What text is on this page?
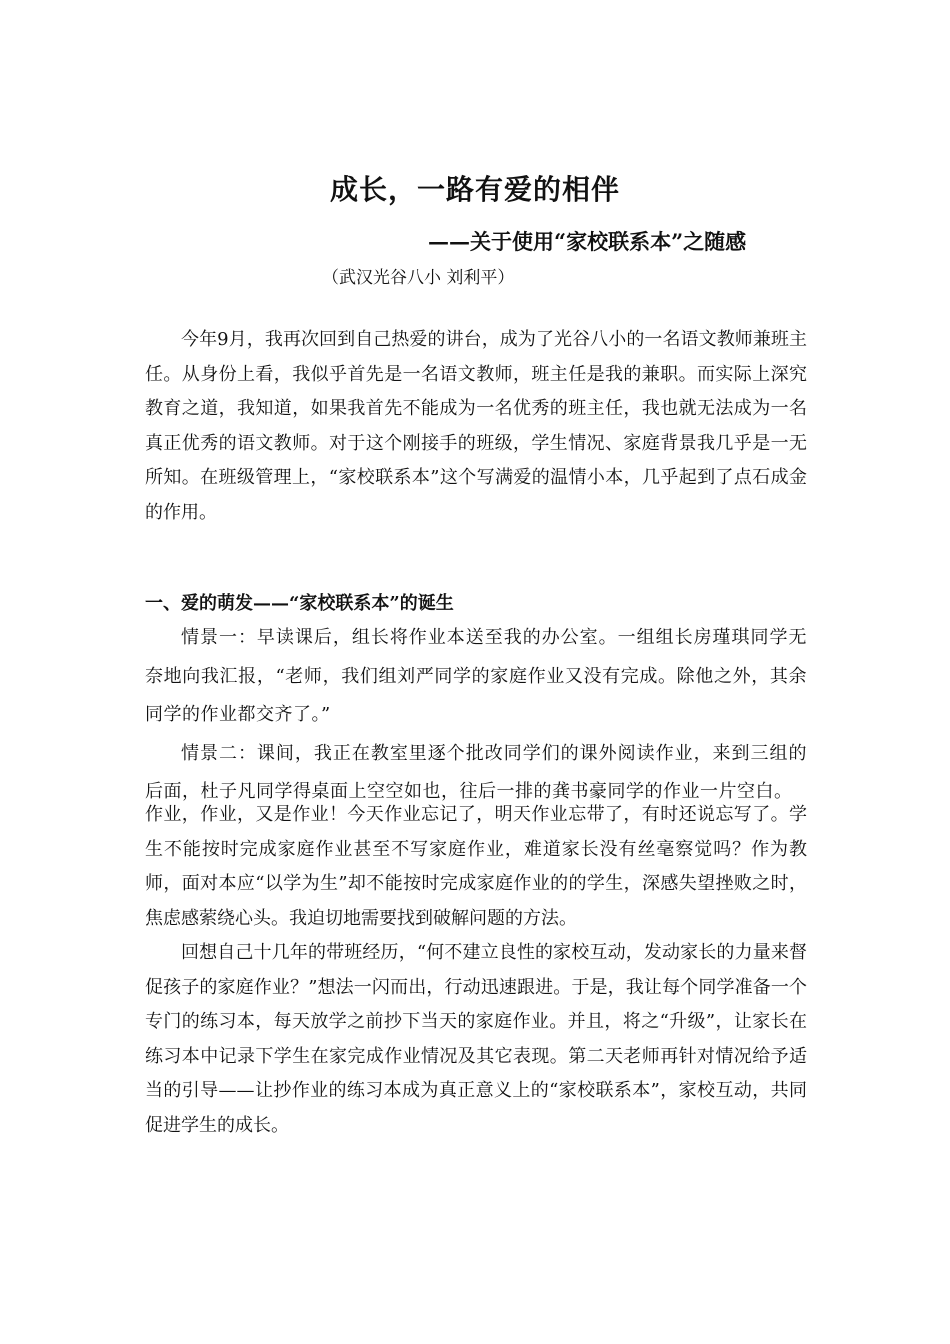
成长，一路有爱的相伴
——关于使用“家校联系本”之随感
（武汉光谷八小 刘利平）

今年9月，我再次回到自己热爱的讲台，成为了光谷八小的一名语文教师兼班主任。从身份上看，我似乎首先是一名语文教师，班主任是我的兼职。而实际上深究教育之道，我知道，如果我首先不能成为一名优秀的班主任，我也就无法成为一名真正优秀的语文教师。对于这个刚接手的班级，学生情况、家庭背景我几乎是一无所知。在班级管理上，“家校联系本”这个写满爱的温情小本，几乎起到了点石成金的作用。

一、爱的萌发——“家校联系本”的诞生

情景一：早读课后，组长将作业本送至我的办公室。一组组长房瑾琪同学无奈地向我汇报，“老师，我们组刘严同学的家庭作业又没有完成。除他之外，其余同学的作业都交齐了。”

情景二：课间，我正在教室里逐个批改同学们的课外阅读作业，来到三组的后面，杜子凡同学得桌面上空空如也，往后一排的龚书豪同学的作业一片空白。

作业，作业，又是作业！今天作业忘记了，明天作业忘带了，有时还说忘写了。学生不能按时完成家庭作业甚至不写家庭作业，难道家长没有丝毫察觉吗？作为教师，面对本应“以学为生”却不能按时完成家庭作业的的学生，深感失望挫败之时，焦虑感萦绕心头。我迫切地需要找到破解问题的方法。

回想自己十几年的带班经历，“何不建立良性的家校互动，发动家长的力量来督促孩子的家庭作业？”想法一闪而出，行动迅速跟进。于是，我让每个同学准备一个专门的练习本，每天放学之前抄下当天的家庭作业。并且，将之“升级”，让家长在练习本中记录下学生在家完成作业情况及其它表现。第二天老师再针对情况给予适当的引导——让抄作业的练习本成为真正意义上的“家校联系本”，家校互动，共同促进学生的成长。
